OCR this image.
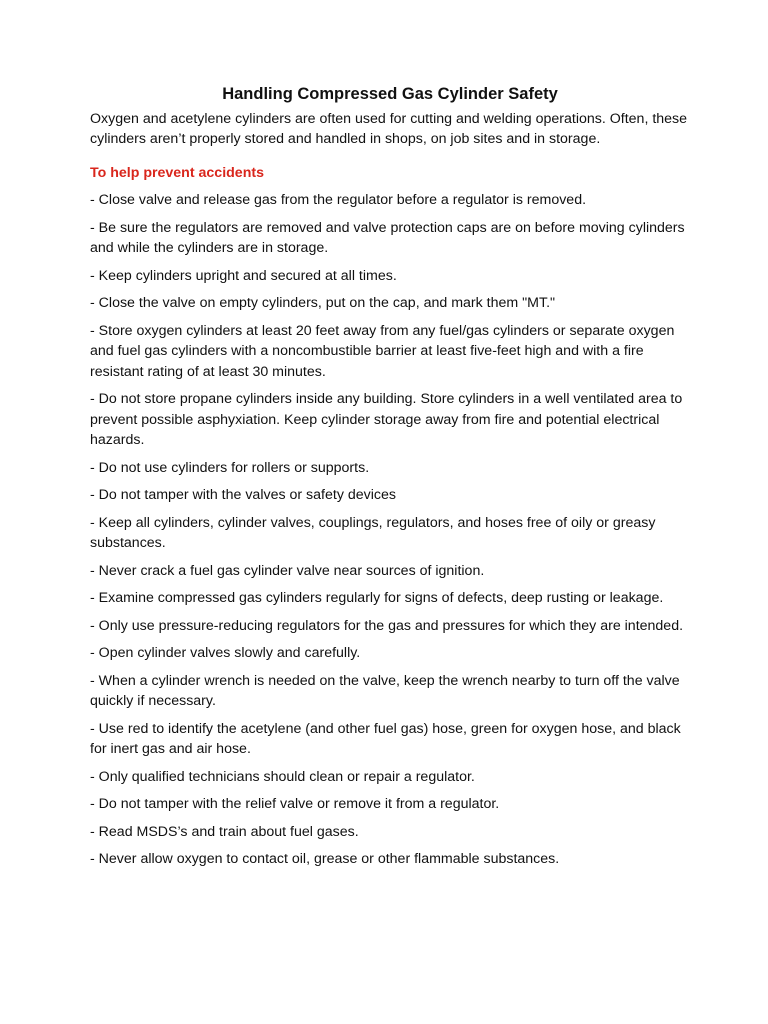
Handling Compressed Gas Cylinder Safety

Oxygen and acetylene cylinders are often used for cutting and welding operations. Often, these cylinders aren’t properly stored and handled in shops, on job sites and in storage.

To help prevent accidents

- Close valve and release gas from the regulator before a regulator is removed.

- Be sure the regulators are removed and valve protection caps are on before moving cylinders and while the cylinders are in storage.

- Keep cylinders upright and secured at all times.

- Close the valve on empty cylinders, put on the cap, and mark them "MT."

- Store oxygen cylinders at least 20 feet away from any fuel/gas cylinders or separate oxygen and fuel gas cylinders with a noncombustible barrier at least five-feet high and with a fire resistant rating of at least 30 minutes.

- Do not store propane cylinders inside any building. Store cylinders in a well ventilated area to prevent possible asphyxiation. Keep cylinder storage away from fire and potential electrical hazards.

- Do not use cylinders for rollers or supports.

- Do not tamper with the valves or safety devices

- Keep all cylinders, cylinder valves, couplings, regulators, and hoses free of oily or greasy substances.

- Never crack a fuel gas cylinder valve near sources of ignition.

- Examine compressed gas cylinders regularly for signs of defects, deep rusting or leakage.

- Only use pressure-reducing regulators for the gas and pressures for which they are intended.

- Open cylinder valves slowly and carefully.

- When a cylinder wrench is needed on the valve, keep the wrench nearby to turn off the valve quickly if necessary.

- Use red to identify the acetylene (and other fuel gas) hose, green for oxygen hose, and black for inert gas and air hose.

- Only qualified technicians should clean or repair a regulator.

- Do not tamper with the relief valve or remove it from a regulator.

- Read MSDS’s and train about fuel gases.

- Never allow oxygen to contact oil, grease or other flammable substances.
